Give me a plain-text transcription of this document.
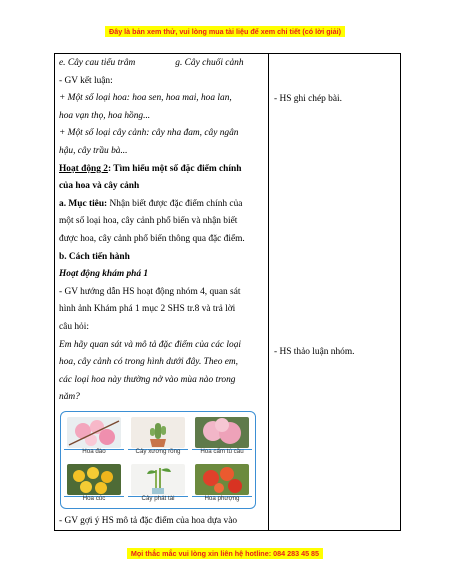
Đây là bản xem thử, vui lòng mua tài liệu để xem chi tiết (có lời giải)
e. Cây cau tiểu trâm	g. Cây chuối cảnh
- GV kết luận:
+ Một số loại hoa: hoa sen, hoa mai, hoa lan,
hoa vạn thọ, hoa hồng...
+ Một số loại cây cảnh: cây nha đam, cây ngân
hậu, cây trầu bà...
Hoạt động 2: Tìm hiểu một số đặc điểm chính
của hoa và cây cảnh
a. Mục tiêu: Nhận biết được đặc điểm chính của
một số loại hoa, cây cảnh phổ biến và nhận biết
được hoa, cây cảnh phổ biến thông qua đặc điểm.
b. Cách tiến hành
Hoạt động khám phá 1
- GV hướng dẫn HS hoạt động nhóm 4, quan sát
hình ảnh Khám phá 1 mục 2 SHS tr.8 và trả lời
câu hỏi:
Em hãy quan sát và mô tả đặc điểm của các loại
hoa, cây cảnh có trong hình dưới đây. Theo em,
các loại hoa này thường nở vào mùa nào trong
năm?
Hoa đào	Cây xương rồng	Hoa cẩm tú cầu
Hoa cúc	Cây phát tài	Hoa phượng
- GV gợi ý HS mô tả đặc điểm của hoa dựa vào

- HS ghi chép bài.
- HS thảo luận nhóm.
Mọi thắc mắc vui lòng xin liên hệ hotline: 084 283 45 85
